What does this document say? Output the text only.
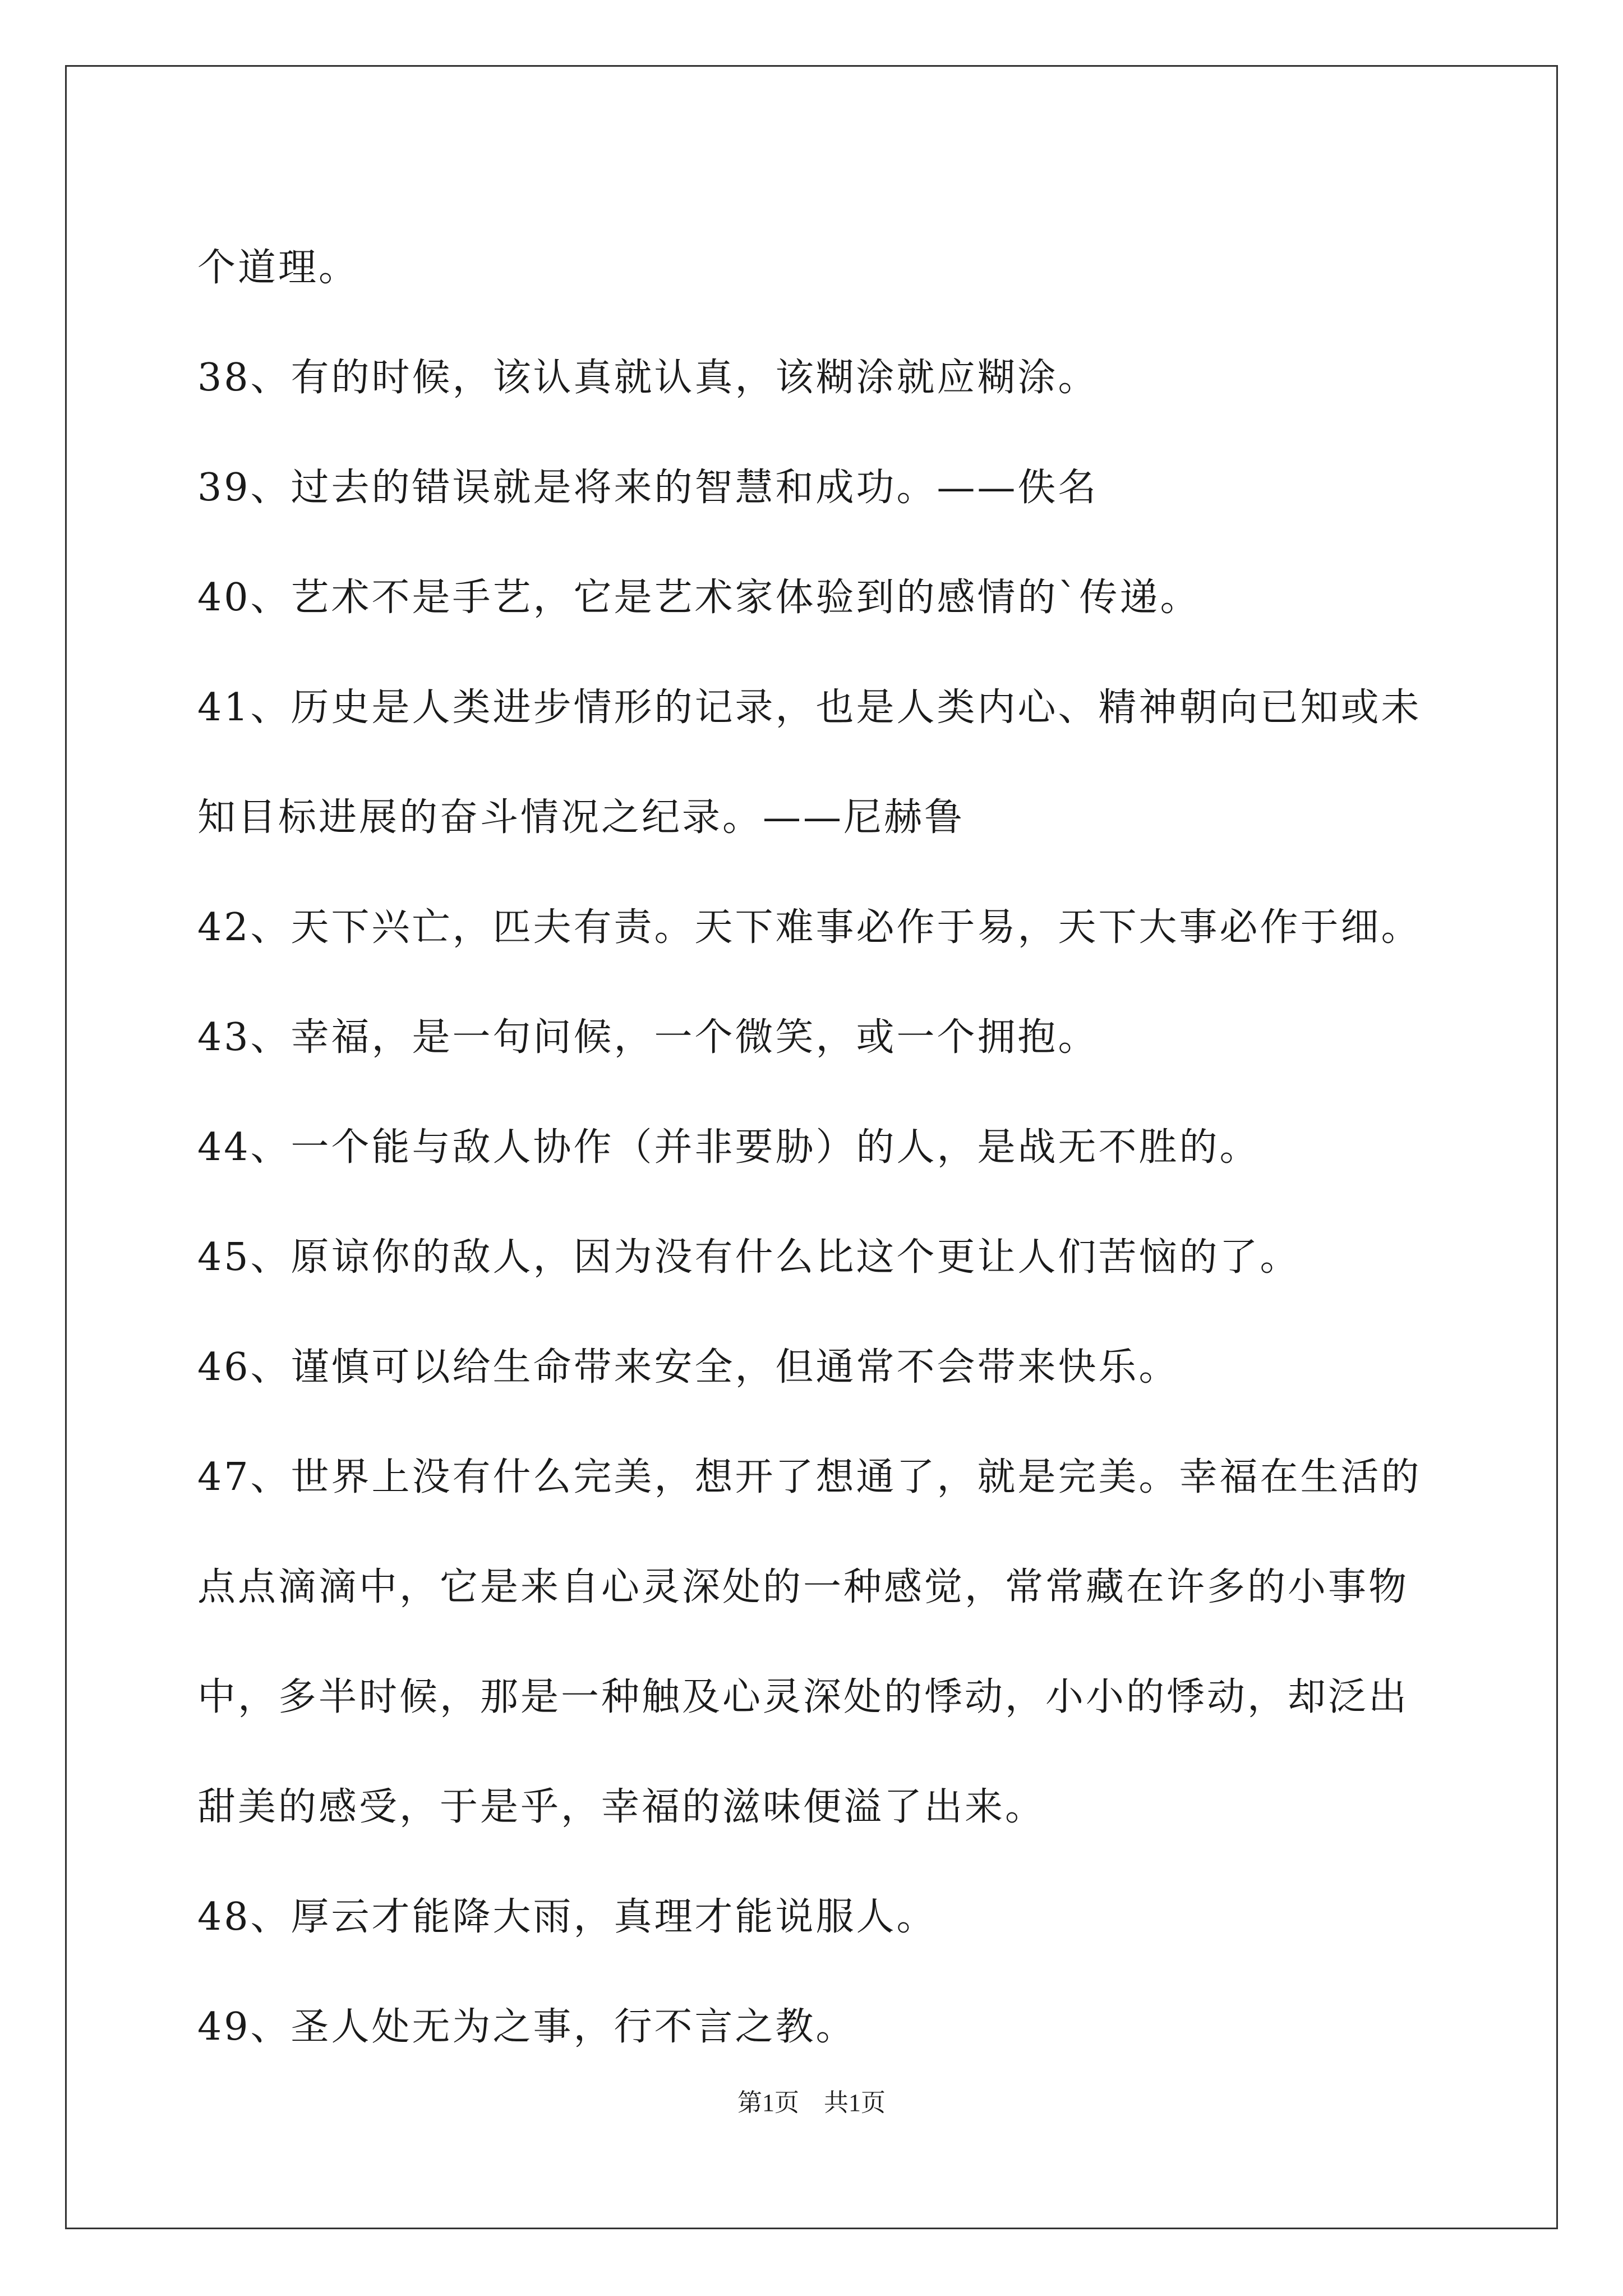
个道理。
38、有的时候，该认真就认真，该糊涂就应糊涂。
39、过去的错误就是将来的智慧和成功。——佚名
40、艺术不是手艺，它是艺术家体验到的感情的`传递。
41、历史是人类进步情形的记录，也是人类内心、精神朝向已知或未
知目标进展的奋斗情况之纪录。——尼赫鲁
42、天下兴亡，匹夫有责。天下难事必作于易，天下大事必作于细。
43、幸福，是一句问候，一个微笑，或一个拥抱。
44、一个能与敌人协作（并非要胁）的人，是战无不胜的。
45、原谅你的敌人，因为没有什么比这个更让人们苦恼的了。
46、谨慎可以给生命带来安全，但通常不会带来快乐。
47、世界上没有什么完美，想开了想通了，就是完美。幸福在生活的
点点滴滴中，它是来自心灵深处的一种感觉，常常藏在许多的小事物
中，多半时候，那是一种触及心灵深处的悸动，小小的悸动，却泛出
甜美的感受，于是乎，幸福的滋味便溢了出来。
48、厚云才能降大雨，真理才能说服人。
49、圣人处无为之事，行不言之教。
第1页　共1页
